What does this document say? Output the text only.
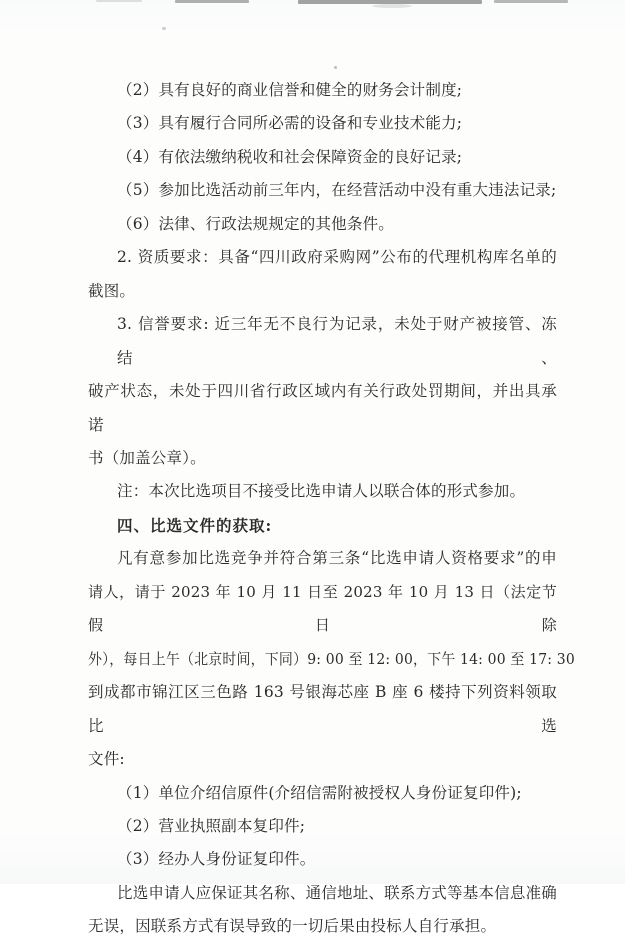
（2）具有良好的商业信誉和健全的财务会计制度;
（3）具有履行合同所必需的设备和专业技术能力;
（4）有依法缴纳税收和社会保障资金的良好记录;
（5）参加比选活动前三年内，在经营活动中没有重大违法记录;
（6）法律、行政法规规定的其他条件。
2. 资质要求：具备“四川政府采购网”公布的代理机构库名单的
截图。
3. 信誉要求: 近三年无不良行为记录，未处于财产被接管、冻结、
破产状态，未处于四川省行政区域内有关行政处罚期间，并出具承诺
书（加盖公章）。
注：本次比选项目不接受比选申请人以联合体的形式参加。
四、比选文件的获取:
凡有意参加比选竞争并符合第三条“比选申请人资格要求”的申
请人，请于 2023 年 10 月 11 日至 2023 年 10 月 13 日（法定节假日除
外），每日上午（北京时间，下同）9: 00 至 12: 00，下午 14: 00 至 17: 30
到成都市锦江区三色路 163 号银海芯座 B 座 6 楼持下列资料领取比选
文件:
（1）单位介绍信原件(介绍信需附被授权人身份证复印件);
（2）营业执照副本复印件;
（3）经办人身份证复印件。
比选申请人应保证其名称、通信地址、联系方式等基本信息准确
无误，因联系方式有误导致的一切后果由投标人自行承担。
